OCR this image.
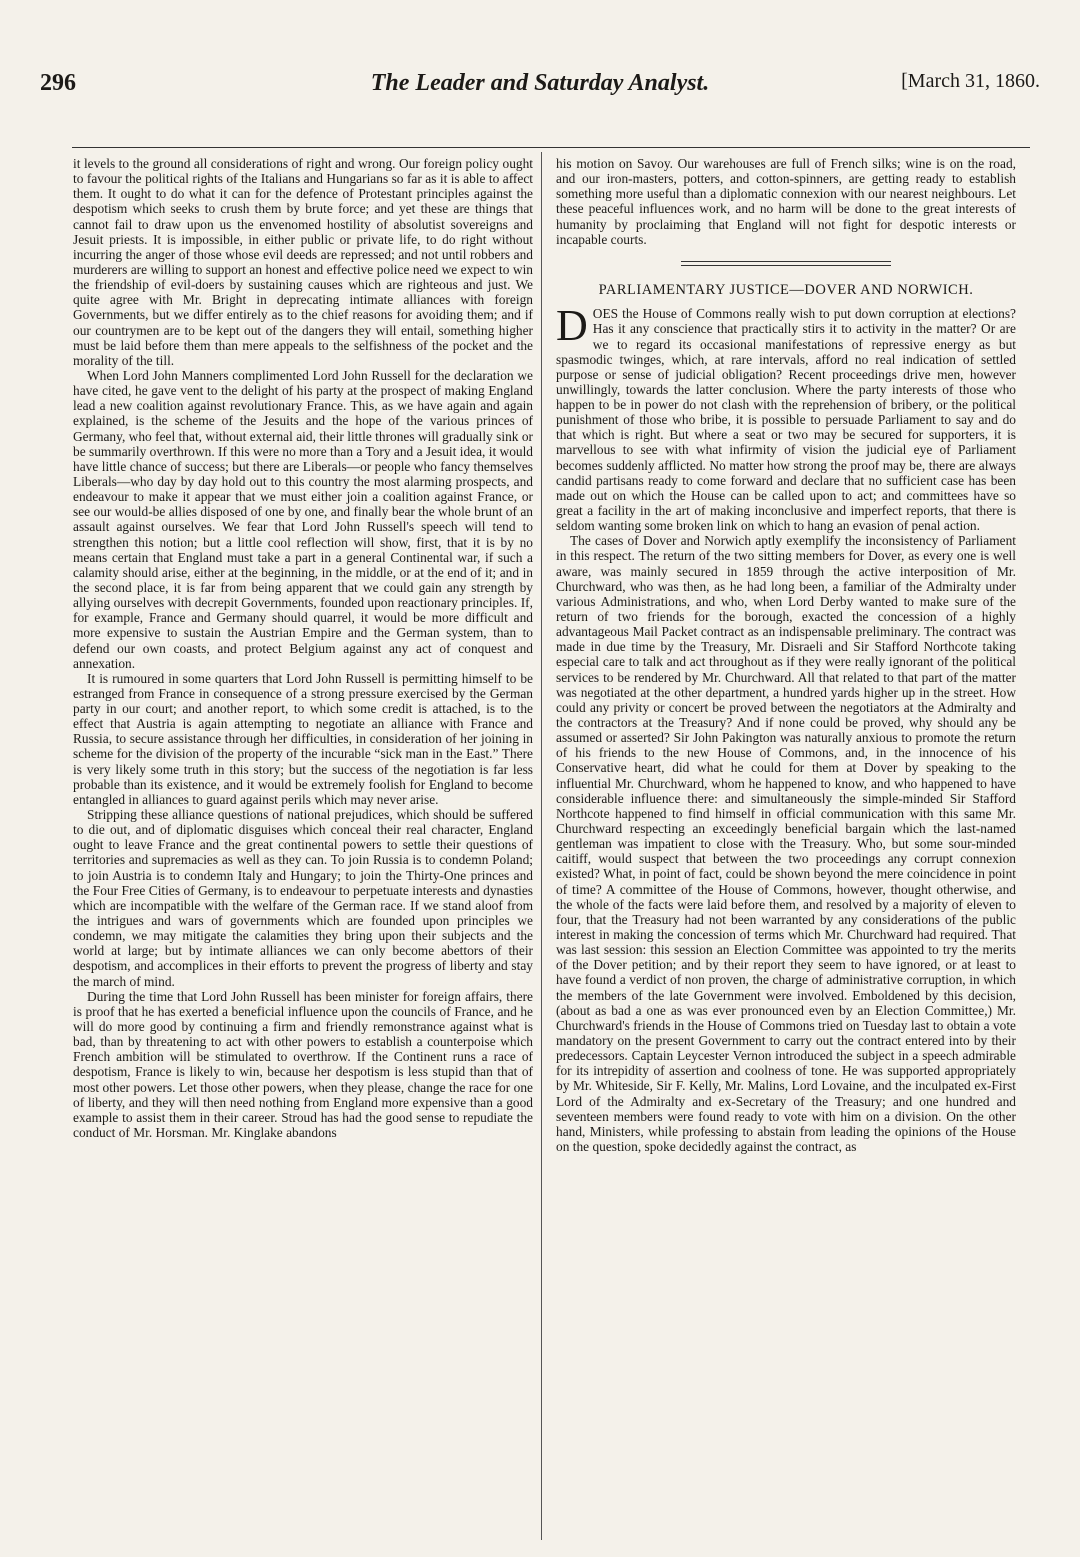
296	The Leader and Saturday Analyst.	[March 31, 1860.

it levels to the ground all considerations of right and wrong. Our foreign policy ought to favour the political rights of the Italians and Hungarians so far as it is able to affect them. It ought to do what it can for the defence of Protestant principles against the despotism which seeks to crush them by brute force; and yet these are things that cannot fail to draw upon us the envenomed hostility of absolutist sovereigns and Jesuit priests. It is impossible, in either public or private life, to do right without incurring the anger of those whose evil deeds are repressed; and not until robbers and murderers are willing to support an honest and effective police need we expect to win the friendship of evil-doers by sustaining causes which are righteous and just. We quite agree with Mr. Bright in deprecating intimate alliances with foreign Governments, but we differ entirely as to the chief reasons for avoiding them; and if our countrymen are to be kept out of the dangers they will entail, something higher must be laid before them than mere appeals to the selfishness of the pocket and the morality of the till.

When Lord John Manners complimented Lord John Russell for the declaration we have cited, he gave vent to the delight of his party at the prospect of making England lead a new coalition against revolutionary France. This, as we have again and again explained, is the scheme of the Jesuits and the hope of the various princes of Germany, who feel that, without external aid, their little thrones will gradually sink or be summarily overthrown. If this were no more than a Tory and a Jesuit idea, it would have little chance of success; but there are Liberals—or people who fancy themselves Liberals—who day by day hold out to this country the most alarming prospects, and endeavour to make it appear that we must either join a coalition against France, or see our would-be allies disposed of one by one, and finally bear the whole brunt of an assault against ourselves. We fear that Lord John Russell's speech will tend to strengthen this notion; but a little cool reflection will show, first, that it is by no means certain that England must take a part in a general Continental war, if such a calamity should arise, either at the beginning, in the middle, or at the end of it; and in the second place, it is far from being apparent that we could gain any strength by allying ourselves with decrepit Governments, founded upon reactionary principles. If, for example, France and Germany should quarrel, it would be more difficult and more expensive to sustain the Austrian Empire and the German system, than to defend our own coasts, and protect Belgium against any act of conquest and annexation.

It is rumoured in some quarters that Lord John Russell is permitting himself to be estranged from France in consequence of a strong pressure exercised by the German party in our court; and another report, to which some credit is attached, is to the effect that Austria is again attempting to negotiate an alliance with France and Russia, to secure assistance through her difficulties, in consideration of her joining in scheme for the division of the property of the incurable “sick man in the East.” There is very likely some truth in this story; but the success of the negotiation is far less probable than its existence, and it would be extremely foolish for England to become entangled in alliances to guard against perils which may never arise.

Stripping these alliance questions of national prejudices, which should be suffered to die out, and of diplomatic disguises which conceal their real character, England ought to leave France and the great continental powers to settle their questions of territories and supremacies as well as they can. To join Russia is to condemn Poland; to join Austria is to condemn Italy and Hungary; to join the Thirty-One princes and the Four Free Cities of Germany, is to endeavour to perpetuate interests and dynasties which are incompatible with the welfare of the German race. If we stand aloof from the intrigues and wars of governments which are founded upon principles we condemn, we may mitigate the calamities they bring upon their subjects and the world at large; but by intimate alliances we can only become abettors of their despotism, and accomplices in their efforts to prevent the progress of liberty and stay the march of mind.

During the time that Lord John Russell has been minister for foreign affairs, there is proof that he has exerted a beneficial influence upon the councils of France, and he will do more good by continuing a firm and friendly remonstrance against what is bad, than by threatening to act with other powers to establish a counterpoise which French ambition will be stimulated to overthrow. If the Continent runs a race of despotism, France is likely to win, because her despotism is less stupid than that of most other powers. Let those other powers, when they please, change the race for one of liberty, and they will then need nothing from England more expensive than a good example to assist them in their career. Stroud has had the good sense to repudiate the conduct of Mr. Horsman. Mr. Kinglake abandons

his motion on Savoy. Our warehouses are full of French silks; wine is on the road, and our iron-masters, potters, and cotton-spinners, are getting ready to establish something more useful than a diplomatic connexion with our nearest neighbours. Let these peaceful influences work, and no harm will be done to the great interests of humanity by proclaiming that England will not fight for despotic interests or incapable courts.

PARLIAMENTARY JUSTICE—DOVER AND NORWICH.

DOES the House of Commons really wish to put down corruption at elections? Has it any conscience that practically stirs it to activity in the matter? Or are we to regard its occasional manifestations of repressive energy as but spasmodic twinges, which, at rare intervals, afford no real indication of settled purpose or sense of judicial obligation? Recent proceedings drive men, however unwillingly, towards the latter conclusion. Where the party interests of those who happen to be in power do not clash with the reprehension of bribery, or the political punishment of those who bribe, it is possible to persuade Parliament to say and do that which is right. But where a seat or two may be secured for supporters, it is marvellous to see with what infirmity of vision the judicial eye of Parliament becomes suddenly afflicted. No matter how strong the proof may be, there are always candid partisans ready to come forward and declare that no sufficient case has been made out on which the House can be called upon to act; and committees have so great a facility in the art of making inconclusive and imperfect reports, that there is seldom wanting some broken link on which to hang an evasion of penal action.

The cases of Dover and Norwich aptly exemplify the inconsistency of Parliament in this respect. The return of the two sitting members for Dover, as every one is well aware, was mainly secured in 1859 through the active interposition of Mr. Churchward, who was then, as he had long been, a familiar of the Admiralty under various Administrations, and who, when Lord Derby wanted to make sure of the return of two friends for the borough, exacted the concession of a highly advantageous Mail Packet contract as an indispensable preliminary. The contract was made in due time by the Treasury, Mr. Disraeli and Sir Stafford Northcote taking especial care to talk and act throughout as if they were really ignorant of the political services to be rendered by Mr. Churchward. All that related to that part of the matter was negotiated at the other department, a hundred yards higher up in the street. How could any privity or concert be proved between the negotiators at the Admiralty and the contractors at the Treasury? And if none could be proved, why should any be assumed or asserted? Sir John Pakington was naturally anxious to promote the return of his friends to the new House of Commons, and, in the innocence of his Conservative heart, did what he could for them at Dover by speaking to the influential Mr. Churchward, whom he happened to know, and who happened to have considerable influence there: and simultaneously the simple-minded Sir Stafford Northcote happened to find himself in official communication with this same Mr. Churchward respecting an exceedingly beneficial bargain which the last-named gentleman was impatient to close with the Treasury. Who, but some sour-minded caitiff, would suspect that between the two proceedings any corrupt connexion existed? What, in point of fact, could be shown beyond the mere coincidence in point of time? A committee of the House of Commons, however, thought otherwise, and the whole of the facts were laid before them, and resolved by a majority of eleven to four, that the Treasury had not been warranted by any considerations of the public interest in making the concession of terms which Mr. Churchward had required. That was last session: this session an Election Committee was appointed to try the merits of the Dover petition; and by their report they seem to have ignored, or at least to have found a verdict of non proven, the charge of administrative corruption, in which the members of the late Government were involved. Emboldened by this decision, (about as bad a one as was ever pronounced even by an Election Committee,) Mr. Churchward's friends in the House of Commons tried on Tuesday last to obtain a vote mandatory on the present Government to carry out the contract entered into by their predecessors. Captain Leycester Vernon introduced the subject in a speech admirable for its intrepidity of assertion and coolness of tone. He was supported appropriately by Mr. Whiteside, Sir F. Kelly, Mr. Malins, Lord Lovaine, and the inculpated ex-First Lord of the Admiralty and ex-Secretary of the Treasury; and one hundred and seventeen members were found ready to vote with him on a division. On the other hand, Ministers, while professing to abstain from leading the opinions of the House on the question, spoke decidedly against the contract, as
